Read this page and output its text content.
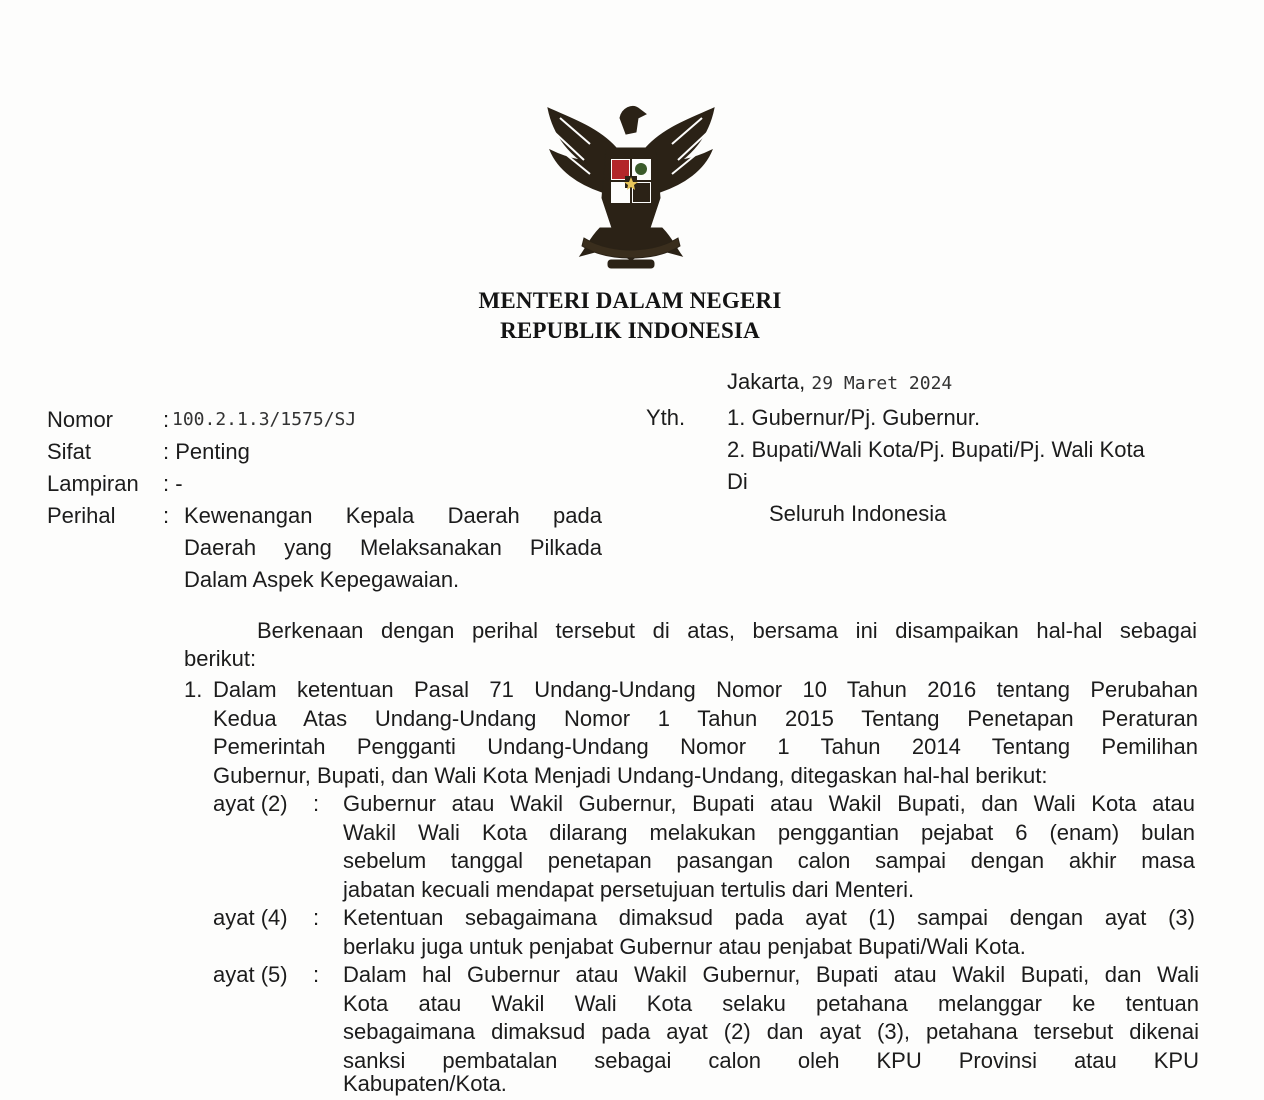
MENTERI DALAM NEGERI
REPUBLIK INDONESIA
Jakarta, 29 Maret 2024
Nomor : 100.2.1.3/1575/SJ
Sifat	: Penting
Lampiran : -
Perihal : Kewenangan Kepala Daerah pada
Daerah yang Melaksanakan Pilkada
Dalam Aspek Kepegawaian.
Yth. 1. Gubernur/Pj. Gubernur.
2. Bupati/Wali Kota/Pj. Bupati/Pj. Wali Kota
Di
Seluruh Indonesia
Berkenaan dengan perihal tersebut di atas, bersama ini disampaikan hal-hal sebagai
berikut:
1. Dalam ketentuan Pasal 71 Undang-Undang Nomor 10 Tahun 2016 tentang Perubahan
Kedua Atas Undang-Undang Nomor 1 Tahun 2015 Tentang Penetapan Peraturan
Pemerintah Pengganti Undang-Undang Nomor 1 Tahun 2014 Tentang Pemilihan
Gubernur, Bupati, dan Wali Kota Menjadi Undang-Undang, ditegaskan hal-hal berikut:
ayat (2) : Gubernur atau Wakil Gubernur, Bupati atau Wakil Bupati, dan Wali Kota atau
Wakil Wali Kota dilarang melakukan penggantian pejabat 6 (enam) bulan
sebelum tanggal penetapan pasangan calon sampai dengan akhir masa
jabatan kecuali mendapat persetujuan tertulis dari Menteri.
ayat (4) : Ketentuan sebagaimana dimaksud pada ayat (1) sampai dengan ayat (3)
berlaku juga untuk penjabat Gubernur atau penjabat Bupati/Wali Kota.
ayat (5) : Dalam hal Gubernur atau Wakil Gubernur, Bupati atau Wakil Bupati, dan Wali
Kota atau Wakil Wali Kota selaku petahana melanggar ke tentuan
sebagaimana dimaksud pada ayat (2) dan ayat (3), petahana tersebut dikenai
sanksi pembatalan sebagai calon oleh KPU Provinsi atau KPU
Kabupaten/Kota.
